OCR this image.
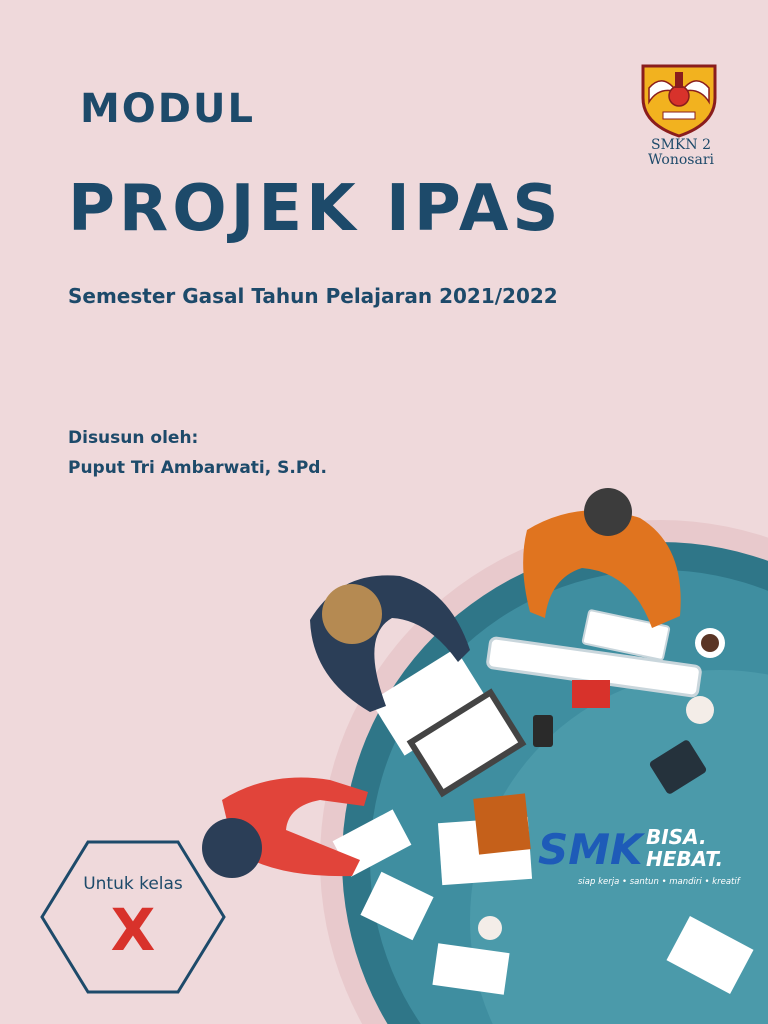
MODUL
PROJEK IPAS
Semester Gasal Tahun Pelajaran 2021/2022
Disusun oleh:
Puput Tri Ambarwati, S.Pd.
SMKN 2
Wonosari
SMK BISA.
HEBAT.
siap kerja • santun • mandiri • kreatif
Untuk kelas
X
